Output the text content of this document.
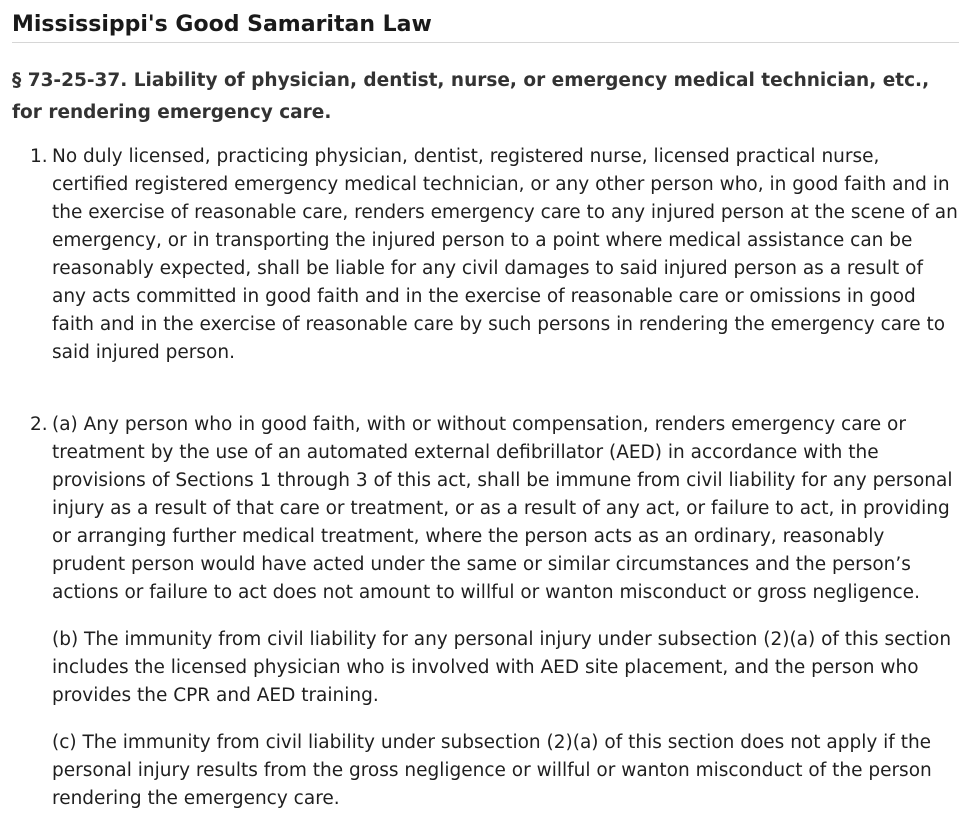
Mississippi's Good Samaritan Law
§ 73-25-37. Liability of physician, dentist, nurse, or emergency medical technician, etc., for rendering emergency care.
1. No duly licensed, practicing physician, dentist, registered nurse, licensed practical nurse, certified registered emergency medical technician, or any other person who, in good faith and in the exercise of reasonable care, renders emergency care to any injured person at the scene of an emergency, or in transporting the injured person to a point where medical assistance can be reasonably expected, shall be liable for any civil damages to said injured person as a result of any acts committed in good faith and in the exercise of reasonable care or omissions in good faith and in the exercise of reasonable care by such persons in rendering the emergency care to said injured person.

2. (a) Any person who in good faith, with or without compensation, renders emergency care or treatment by the use of an automated external defibrillator (AED) in accordance with the provisions of Sections 1 through 3 of this act, shall be immune from civil liability for any personal injury as a result of that care or treatment, or as a result of any act, or failure to act, in providing or arranging further medical treatment, where the person acts as an ordinary, reasonably prudent person would have acted under the same or similar circumstances and the person’s actions or failure to act does not amount to willful or wanton misconduct or gross negligence.

(b) The immunity from civil liability for any personal injury under subsection (2)(a) of this section includes the licensed physician who is involved with AED site placement, and the person who provides the CPR and AED training.

(c) The immunity from civil liability under subsection (2)(a) of this section does not apply if the personal injury results from the gross negligence or willful or wanton misconduct of the person rendering the emergency care.
